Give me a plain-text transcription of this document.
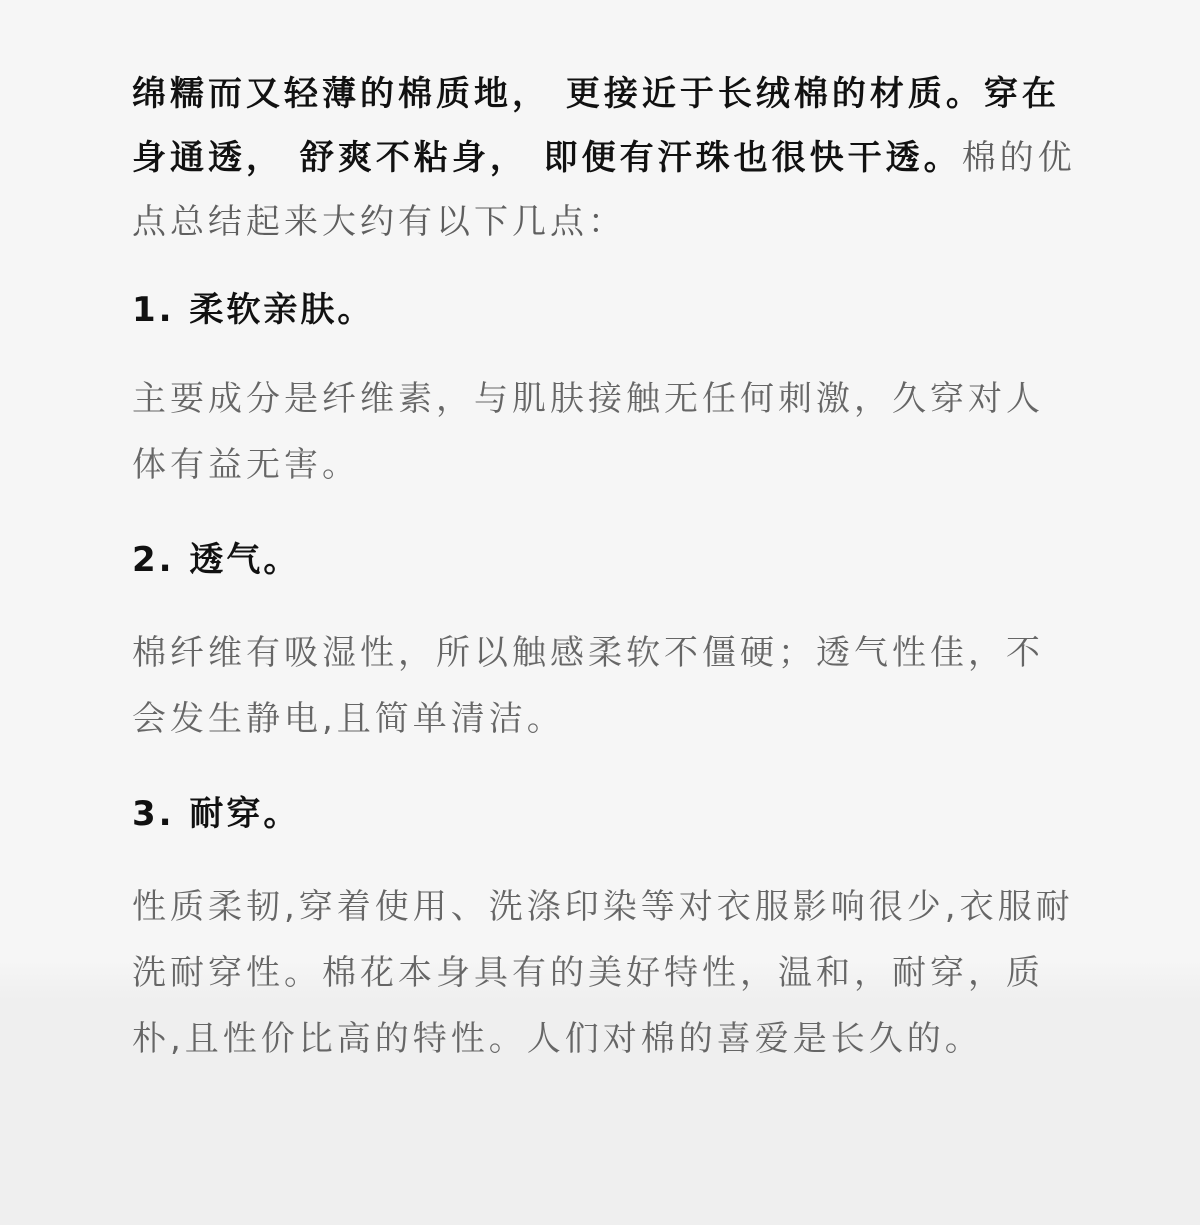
绵糯而又轻薄的棉质地， 更接近于长绒棉的材质。穿在身通透， 舒爽不粘身， 即便有汗珠也很快干透。棉的优点总结起来大约有以下几点：

1. 柔软亲肤。

主要成分是纤维素，与肌肤接触无任何刺激，久穿对人体有益无害。

2. 透气。

棉纤维有吸湿性，所以触感柔软不僵硬；透气性佳，不会发生静电,且简单清洁。

3. 耐穿。

性质柔韧,穿着使用、洗涤印染等对衣服影响很少,衣服耐洗耐穿性。棉花本身具有的美好特性，温和，耐穿，质朴,且性价比高的特性。人们对棉的喜爱是长久的。
